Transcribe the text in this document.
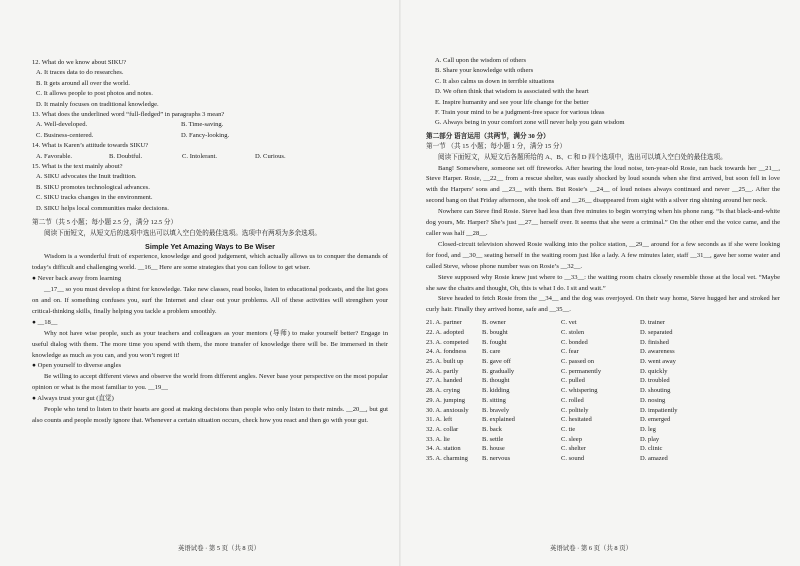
12. What do we know about SIKU?
A. It traces data to do researches.
B. It gets around all over the world.
C. It allows people to post photos and notes.
D. It mainly focuses on traditional knowledge.
13. What does the underlined word “full-fledged” in paragraphs 3 mean?
A. Well-developed.	B. Time-saving.
C. Business-centered.	D. Fancy-looking.
14. What is Karen’s attitude towards SIKU?
A. Favorable.	B. Doubtful.	C. Intolerant.	D. Curious.
15. What is the text mainly about?
A. SIKU advocates the Inuit tradition.
B. SIKU promotes technological advances.
C. SIKU tracks changes in the environment.
D. SIKU helps local communities make decisions.
第二节（共 5 小题；每小题 2.5 分，满分 12.5 分）
阅读下面短文，从短文后的选项中选出可以填入空白处的最佳选项。选项中有两项为多余选项。
Simple Yet Amazing Ways to Be Wiser
Wisdom is a wonderful fruit of experience, knowledge and good judgement, which actually allows us to conquer the demands of today’s difficult and challenging world. __16__ Here are some strategies that you can follow to get wiser.
● Never back away from learning
__17__ so you must develop a thirst for knowledge. Take new classes, read books, listen to educational podcasts, and the list goes on and on. If something confuses you, surf the Internet and clear out your problems. All of these activities will strengthen your critical-thinking skills, finally helping you tackle a problem smoothly.
● __18__
Why not have wise people, such as your teachers and colleagues as your mentors (导师) to make yourself better? Engage in useful dialog with them. The more time you spend with them, the more transfer of knowledge there will be. Be immersed in their knowledge as much as you can, and you won’t regret it!
● Open yourself to diverse angles
Be willing to accept different views and observe the world from different angles. Never base your perspective on the most popular opinion or what is the most familiar to you. __19__
● Always trust your gut (直觉)
People who tend to listen to their hearts are good at making decisions than people who only listen to their minds. __20__, but gut also counts and people mostly ignore that. Whenever a certain situation occurs, check how you react and then go with your gut.
英语试卷 · 第 5 页（共 8 页）
A. Call upon the wisdom of others
B. Share your knowledge with others
C. It also calms us down in terrible situations
D. We often think that wisdom is associated with the heart
E. Inspire humanity and see your life change for the better
F. Train your mind to be a judgment-free space for various ideas
G. Always being in your comfort zone will never help you gain wisdom
第二部分 语言运用（共两节，满分 30 分）
第一节 （共 15 小题；每小题 1 分，满分 15 分）
阅读下面短文，从短文后各题所给的 A、B、C 和 D 四个选项中，选出可以填入空白处的最佳选项。
Bang! Somewhere, someone set off fireworks. After hearing the loud noise, ten-year-old Rosie, ran back towards her __21__, Steve Harper. Rosie, __22__ from a rescue shelter, was easily shocked by loud sounds when she first arrived, but soon fell in love with the Harpers’ sons and __23__ with them. But Rosie’s __24__ of loud noises always continued and never __25__. After the second bang on that Friday afternoon, she took off and __26__ disappeared from sight with a silver ring shining around her neck.
Nowhere can Steve find Rosie. Steve had less than five minutes to begin worrying when his phone rang. “Is that black-and-white dog yours, Mr. Harper? She’s just __27__ herself over. It seems that she were a criminal.” On the other end the voice came, and the caller was half __28__.
Closed-circuit television showed Rosie walking into the police station, __29__ around for a few seconds as if she were looking for food, and __30__ seating herself in the waiting room just like a lady. A few minutes later, staff __31__, gave her some water and called Steve, whose phone number was on Rosie’s __32__.
Steve supposed why Rosie knew just where to __33__: the waiting room chairs closely resemble those at the local vet. “Maybe she saw the chairs and thought, Oh, this is what I do. I sit and wait.”
Steve headed to fetch Rosie from the __34__ and the dog was overjoyed. On their way home, Steve hugged her and stroked her curly hair. Finally they arrived home, safe and __35__.
21. A. partner	B. owner	C. vet	D. trainer
22. A. adopted	B. bought	C. stolen	D. separated
23. A. competed	B. fought	C. bonded	D. finished
24. A. fondness	B. care	C. fear	D. awareness
25. A. built up	B. gave off	C. passed on	D. went away
26. A. partly	B. gradually	C. permanently	D. quickly
27. A. handed	B. thought	C. pulled	D. troubled
28. A. crying	B. kidding	C. whispering	D. shouting
29. A. jumping	B. sitting	C. rolled	D. nosing
30. A. anxiously	B. bravely	C. politely	D. impatiently
31. A. left	B. explained	C. hesitated	D. emerged
32. A. collar	B. back	C. tie	D. leg
33. A. lie	B. settle	C. sleep	D. play
34. A. station	B. house	C. shelter	D. clinic
35. A. charming	B. nervous	C. sound	D. amazed
英语试卷 · 第 6 页（共 8 页）
